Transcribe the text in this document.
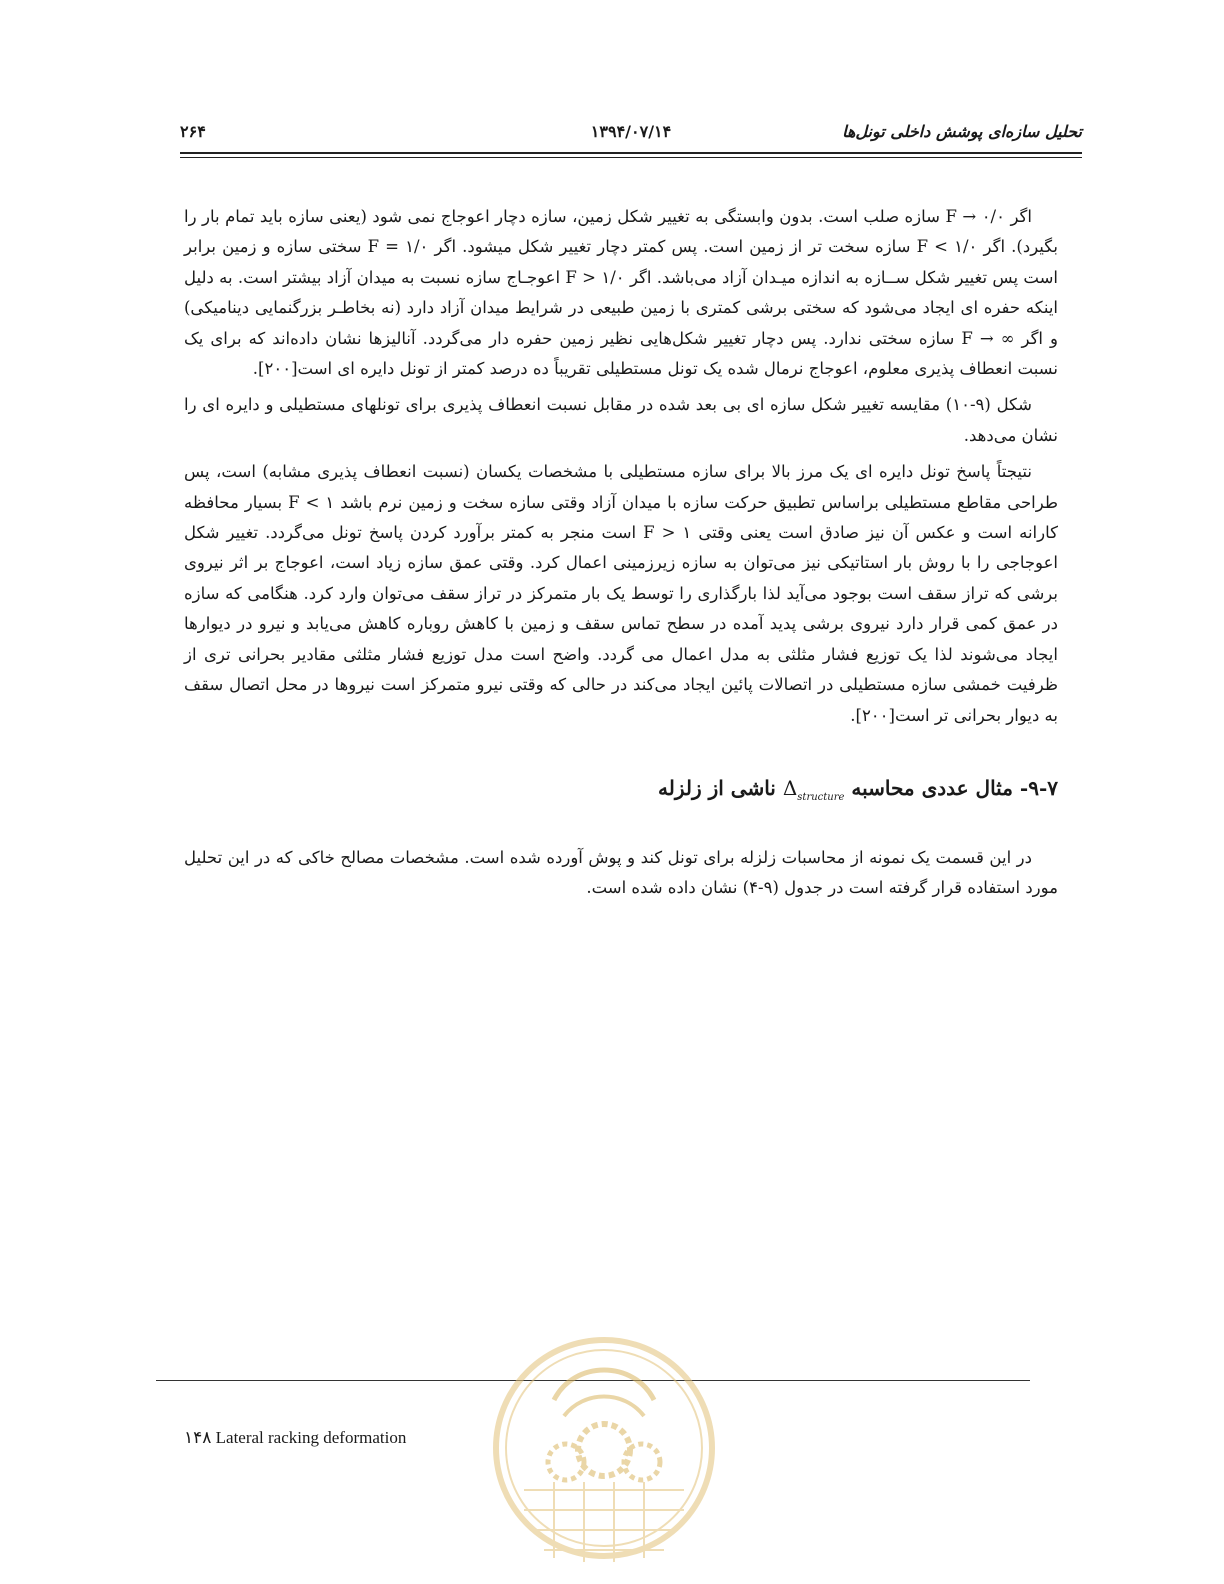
۲۶۴	۱۳۹۴/۰۷/۱۴	تحلیل سازه‌ای پوشش داخلی تونل‌ها

اگر ۰/۰ → F سازه صلب است. بدون وابستگی به تغییر شکل زمین، سازه دچار اعوجاج نمی شود (یعنی سازه باید تمام بار را بگیرد). اگر F < ۱/۰ سازه سخت تر از زمین است. پس کمتر دچار تغییر شکل میشود. اگر F = ۱/۰ سختی سازه و زمین برابر است پس تغییر شکل ســازه به اندازه میـدان آزاد می‌باشد. اگر F > ۱/۰ اعوجـاج سازه نسبت به میدان آزاد بیشتر است. به دلیل اینکه حفره ای ایجاد می‌شود که سختی برشی کمتری با زمین طبیعی در شرایط میدان آزاد دارد (نه بخاطـر بزرگنمایی دینامیکی) و اگر ∞ → F سازه سختی ندارد. پس دچار تغییر شکل‌هایی نظیر زمین حفره دار می‌گردد. آنالیزها نشان داده‌اند که برای یک نسبت انعطاف پذیری معلوم، اعوجاج نرمال شده یک تونل مستطیلی تقریباً ده درصد کمتر از تونل دایره ای است[۲۰۰].

شکل (۹-۱۰) مقایسه تغییر شکل سازه ای بی بعد شده در مقابل نسبت انعطاف پذیری برای تونلهای مستطیلی و دایره ای را نشان می‌دهد.

نتیجتاً پاسخ تونل دایره ای یک مرز بالا برای سازه مستطیلی با مشخصات یکسان (نسبت انعطاف پذیری مشابه) است، پس طراحی مقاطع مستطیلی براساس تطبیق حرکت سازه با میدان آزاد وقتی سازه سخت و زمین نرم باشد F < ۱ بسیار محافظه کارانه است و عکس آن نیز صادق است یعنی وقتی F > ۱ است منجر به کمتر برآورد کردن پاسخ تونل می‌گردد. تغییر شکل اعوجاجی را با روش بار استاتیکی نیز می‌توان به سازه زیرزمینی اعمال کرد. وقتی عمق سازه زیاد است، اعوجاج بر اثر نیروی برشی که تراز سقف است بوجود می‌آید لذا بارگذاری را توسط یک بار متمرکز در تراز سقف می‌توان وارد کرد. هنگامی که سازه در عمق کمی قرار دارد نیروی برشی پدید آمده در سطح تماس سقف و زمین با کاهش روباره کاهش می‌یابد و نیرو در دیوارها ایجاد می‌شوند لذا یک توزیع فشار مثلثی به مدل اعمال می گردد. واضح است مدل توزیع فشار مثلثی مقادیر بحرانی تری از ظرفیت خمشی سازه مستطیلی در اتصالات پائین ایجاد می‌کند در حالی که وقتی نیرو متمرکز است نیروها در محل اتصال سقف به دیوار بحرانی تر است[۲۰۰].

۹-۷- مثال عددی محاسبه $\Delta_{structure}$ ناشی از زلزله

در این قسمت یک نمونه از محاسبات زلزله برای تونل کند و پوش آورده شده است. مشخصات مصالح خاکی که در این تحلیل مورد استفاده قرار گرفته است در جدول (۹-۴) نشان داده شده است.

۱۴۸ Lateral racking deformation
